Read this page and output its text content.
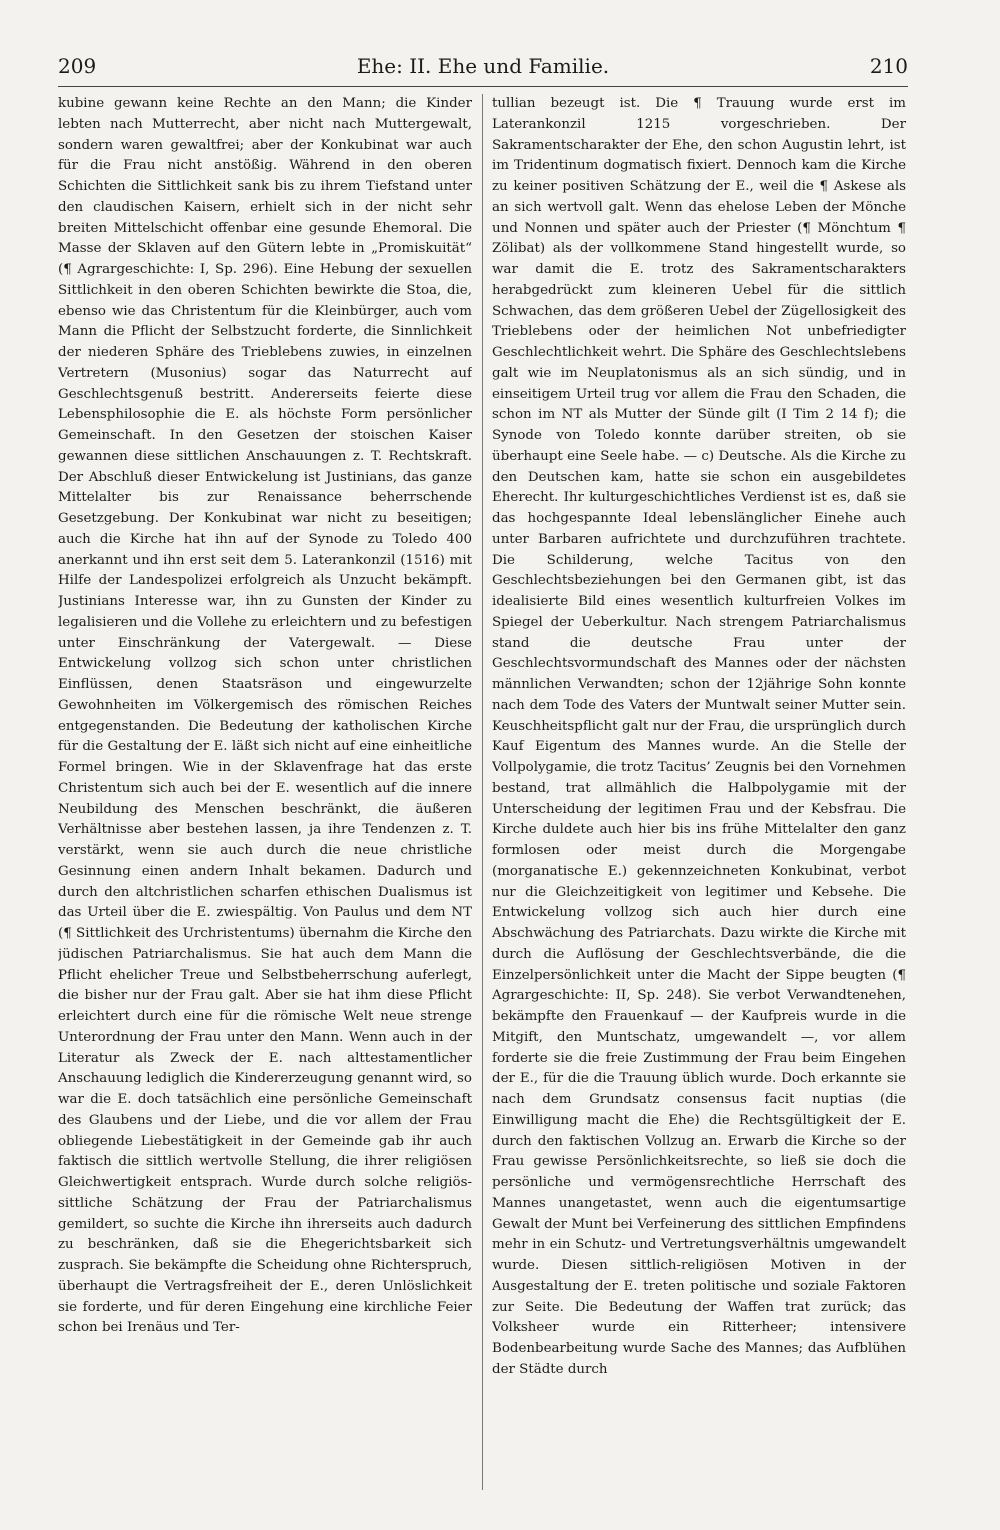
209	Ehe: II. Ehe und Familie.	210

kubine gewann keine Rechte an den Mann; die Kinder lebten nach Mutterrecht, aber nicht nach Muttergewalt, sondern waren gewaltfrei; aber der Konkubinat war auch für die Frau nicht anstößig. Während in den oberen Schichten die Sittlichkeit sank bis zu ihrem Tiefstand unter den claudischen Kaisern, erhielt sich in der nicht sehr breiten Mittelschicht offenbar eine gesunde Ehemoral. Die Masse der Sklaven auf den Gütern lebte in „Promiskuität“ (¶ Agrargeschichte: I, Sp. 296). Eine Hebung der sexuellen Sittlichkeit in den oberen Schichten bewirkte die Stoa, die, ebenso wie das Christentum für die Kleinbürger, auch vom Mann die Pflicht der Selbstzucht forderte, die Sinnlichkeit der niederen Sphäre des Trieblebens zuwies, in einzelnen Vertretern (Musonius) sogar das Naturrecht auf Geschlechtsgenuß bestritt. Andererseits feierte diese Lebensphilosophie die E. als höchste Form persönlicher Gemeinschaft. In den Gesetzen der stoischen Kaiser gewannen diese sittlichen Anschauungen z. T. Rechtskraft. Der Abschluß dieser Entwickelung ist Justinians, das ganze Mittelalter bis zur Renaissance beherrschende Gesetzgebung. Der Konkubinat war nicht zu beseitigen; auch die Kirche hat ihn auf der Synode zu Toledo 400 anerkannt und ihn erst seit dem 5. Laterankonzil (1516) mit Hilfe der Landespolizei erfolgreich als Unzucht bekämpft. Justinians Interesse war, ihn zu Gunsten der Kinder zu legalisieren und die Vollehe zu erleichtern und zu befestigen unter Einschränkung der Vatergewalt. — Diese Entwickelung vollzog sich schon unter christlichen Einflüssen, denen Staatsräson und eingewurzelte Gewohnheiten im Völkergemisch des römischen Reiches entgegenstanden. Die Bedeutung der katholischen Kirche für die Gestaltung der E. läßt sich nicht auf eine einheitliche Formel bringen. Wie in der Sklavenfrage hat das erste Christentum sich auch bei der E. wesentlich auf die innere Neubildung des Menschen beschränkt, die äußeren Verhältnisse aber bestehen lassen, ja ihre Tendenzen z. T. verstärkt, wenn sie auch durch die neue christliche Gesinnung einen andern Inhalt bekamen. Dadurch und durch den altchristlichen scharfen ethischen Dualismus ist das Urteil über die E. zwiespältig. Von Paulus und dem NT (¶ Sittlichkeit des Urchristentums) übernahm die Kirche den jüdischen Patriarchalismus. Sie hat auch dem Mann die Pflicht ehelicher Treue und Selbstbeherrschung auferlegt, die bisher nur der Frau galt. Aber sie hat ihm diese Pflicht erleichtert durch eine für die römische Welt neue strenge Unterordnung der Frau unter den Mann. Wenn auch in der Literatur als Zweck der E. nach alttestamentlicher Anschauung lediglich die Kindererzeugung genannt wird, so war die E. doch tatsächlich eine persönliche Gemeinschaft des Glaubens und der Liebe, und die vor allem der Frau obliegende Liebestätigkeit in der Gemeinde gab ihr auch faktisch die sittlich wertvolle Stellung, die ihrer religiösen Gleichwertigkeit entsprach. Wurde durch solche religiös-sittliche Schätzung der Frau der Patriarchalismus gemildert, so suchte die Kirche ihn ihrerseits auch dadurch zu beschränken, daß sie die Ehegerichtsbarkeit sich zusprach. Sie bekämpfte die Scheidung ohne Richterspruch, überhaupt die Vertragsfreiheit der E., deren Unlöslichkeit sie forderte, und für deren Eingehung eine kirchliche Feier schon bei Irenäus und Ter-

tullian bezeugt ist. Die ¶ Trauung wurde erst im Laterankonzil 1215 vorgeschrieben. Der Sakramentscharakter der Ehe, den schon Augustin lehrt, ist im Tridentinum dogmatisch fixiert. Dennoch kam die Kirche zu keiner positiven Schätzung der E., weil die ¶ Askese als an sich wertvoll galt. Wenn das ehelose Leben der Mönche und Nonnen und später auch der Priester (¶ Mönchtum ¶ Zölibat) als der vollkommene Stand hingestellt wurde, so war damit die E. trotz des Sakramentscharakters herabgedrückt zum kleineren Uebel für die sittlich Schwachen, das dem größeren Uebel der Zügellosigkeit des Trieblebens oder der heimlichen Not unbefriedigter Geschlechtlichkeit wehrt. Die Sphäre des Geschlechtslebens galt wie im Neuplatonismus als an sich sündig, und in einseitigem Urteil trug vor allem die Frau den Schaden, die schon im NT als Mutter der Sünde gilt (I Tim 2 14 f); die Synode von Toledo konnte darüber streiten, ob sie überhaupt eine Seele habe. — c) Deutsche. Als die Kirche zu den Deutschen kam, hatte sie schon ein ausgebildetes Eherecht. Ihr kulturgeschichtliches Verdienst ist es, daß sie das hochgespannte Ideal lebenslänglicher Einehe auch unter Barbaren aufrichtete und durchzuführen trachtete. Die Schilderung, welche Tacitus von den Geschlechtsbeziehungen bei den Germanen gibt, ist das idealisierte Bild eines wesentlich kulturfreien Volkes im Spiegel der Ueberkultur. Nach strengem Patriarchalismus stand die deutsche Frau unter der Geschlechtsvormundschaft des Mannes oder der nächsten männlichen Verwandten; schon der 12jährige Sohn konnte nach dem Tode des Vaters der Muntwalt seiner Mutter sein. Keuschheitspflicht galt nur der Frau, die ursprünglich durch Kauf Eigentum des Mannes wurde. An die Stelle der Vollpolygamie, die trotz Tacitus’ Zeugnis bei den Vornehmen bestand, trat allmählich die Halbpolygamie mit der Unterscheidung der legitimen Frau und der Kebsfrau. Die Kirche duldete auch hier bis ins frühe Mittelalter den ganz formlosen oder meist durch die Morgengabe (morganatische E.) gekennzeichneten Konkubinat, verbot nur die Gleichzeitigkeit von legitimer und Kebsehe. Die Entwickelung vollzog sich auch hier durch eine Abschwächung des Patriarchats. Dazu wirkte die Kirche mit durch die Auflösung der Geschlechtsverbände, die die Einzelpersönlichkeit unter die Macht der Sippe beugten (¶ Agrargeschichte: II, Sp. 248). Sie verbot Verwandtenehen, bekämpfte den Frauenkauf — der Kaufpreis wurde in die Mitgift, den Muntschatz, umgewandelt —, vor allem forderte sie die freie Zustimmung der Frau beim Eingehen der E., für die die Trauung üblich wurde. Doch erkannte sie nach dem Grundsatz consensus facit nuptias (die Einwilligung macht die Ehe) die Rechtsgültigkeit der E. durch den faktischen Vollzug an. Erwarb die Kirche so der Frau gewisse Persönlichkeitsrechte, so ließ sie doch die persönliche und vermögensrechtliche Herrschaft des Mannes unangetastet, wenn auch die eigentumsartige Gewalt der Munt bei Verfeinerung des sittlichen Empfindens mehr in ein Schutz- und Vertretungsverhältnis umgewandelt wurde. Diesen sittlich-religiösen Motiven in der Ausgestaltung der E. treten politische und soziale Faktoren zur Seite. Die Bedeutung der Waffen trat zurück; das Volksheer wurde ein Ritterheer; intensivere Bodenbearbeitung wurde Sache des Mannes; das Aufblühen der Städte durch
